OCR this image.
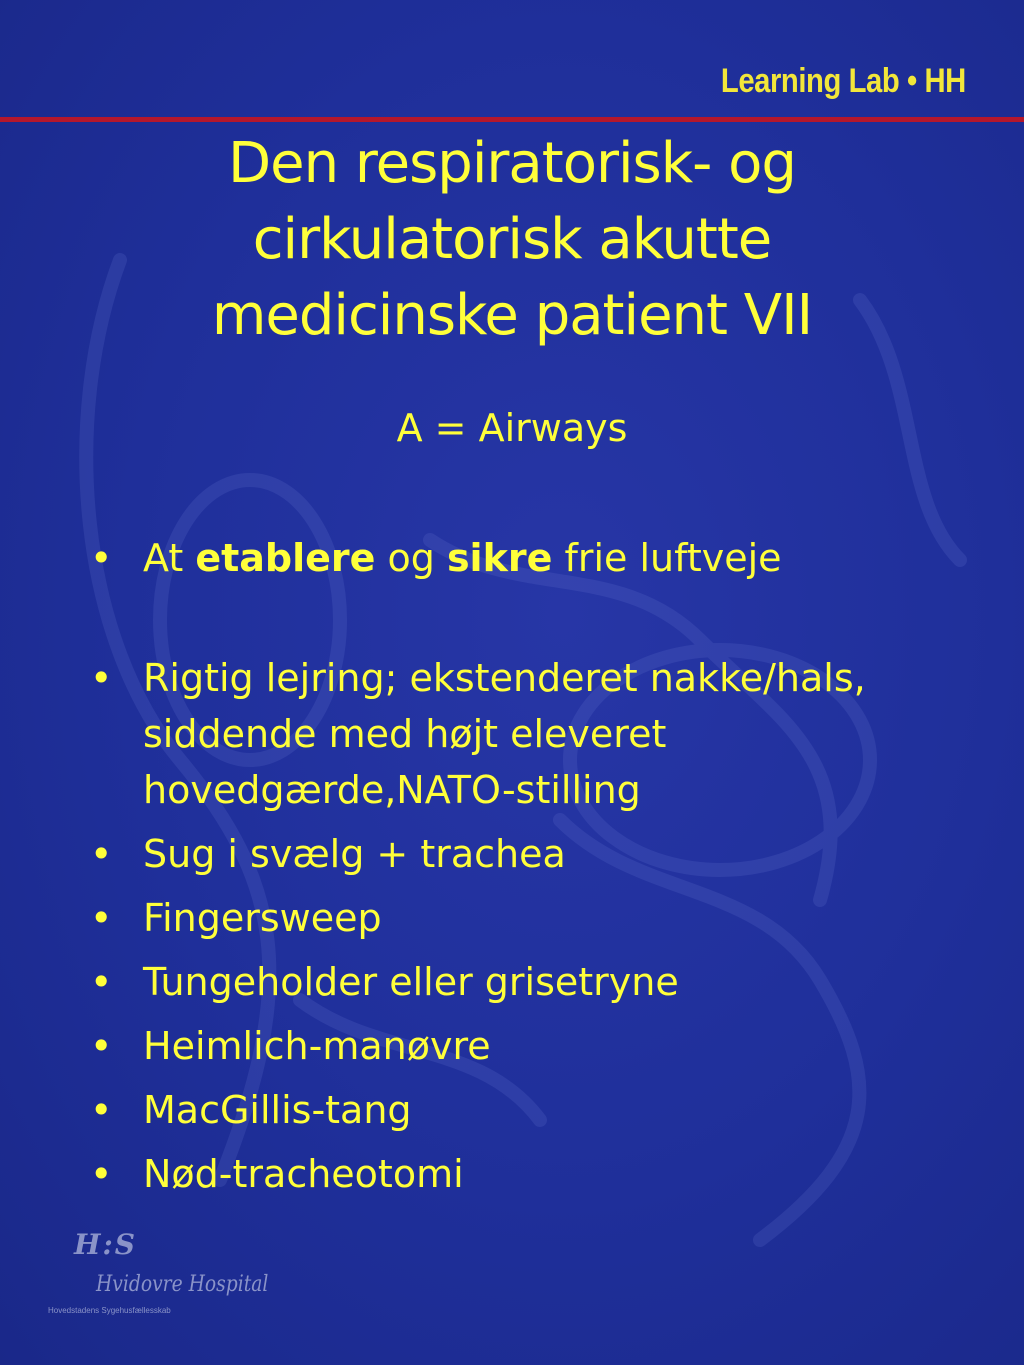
Learning Lab • HH
Den respiratorisk- og
cirkulatorisk akutte
medicinske patient VII
A = Airways
• At etablere og sikre frie luftveje
• Rigtig lejring; ekstenderet nakke/hals, siddende med højt eleveret hovedgærde,NATO-stilling
• Sug i svælg + trachea
• Fingersweep
• Tungeholder eller grisetryne
• Heimlich-manøvre
• MacGillis-tang
• Nød-tracheotomi
H:S
Hvidovre Hospital
Hovedstadens Sygehusfællesskab
